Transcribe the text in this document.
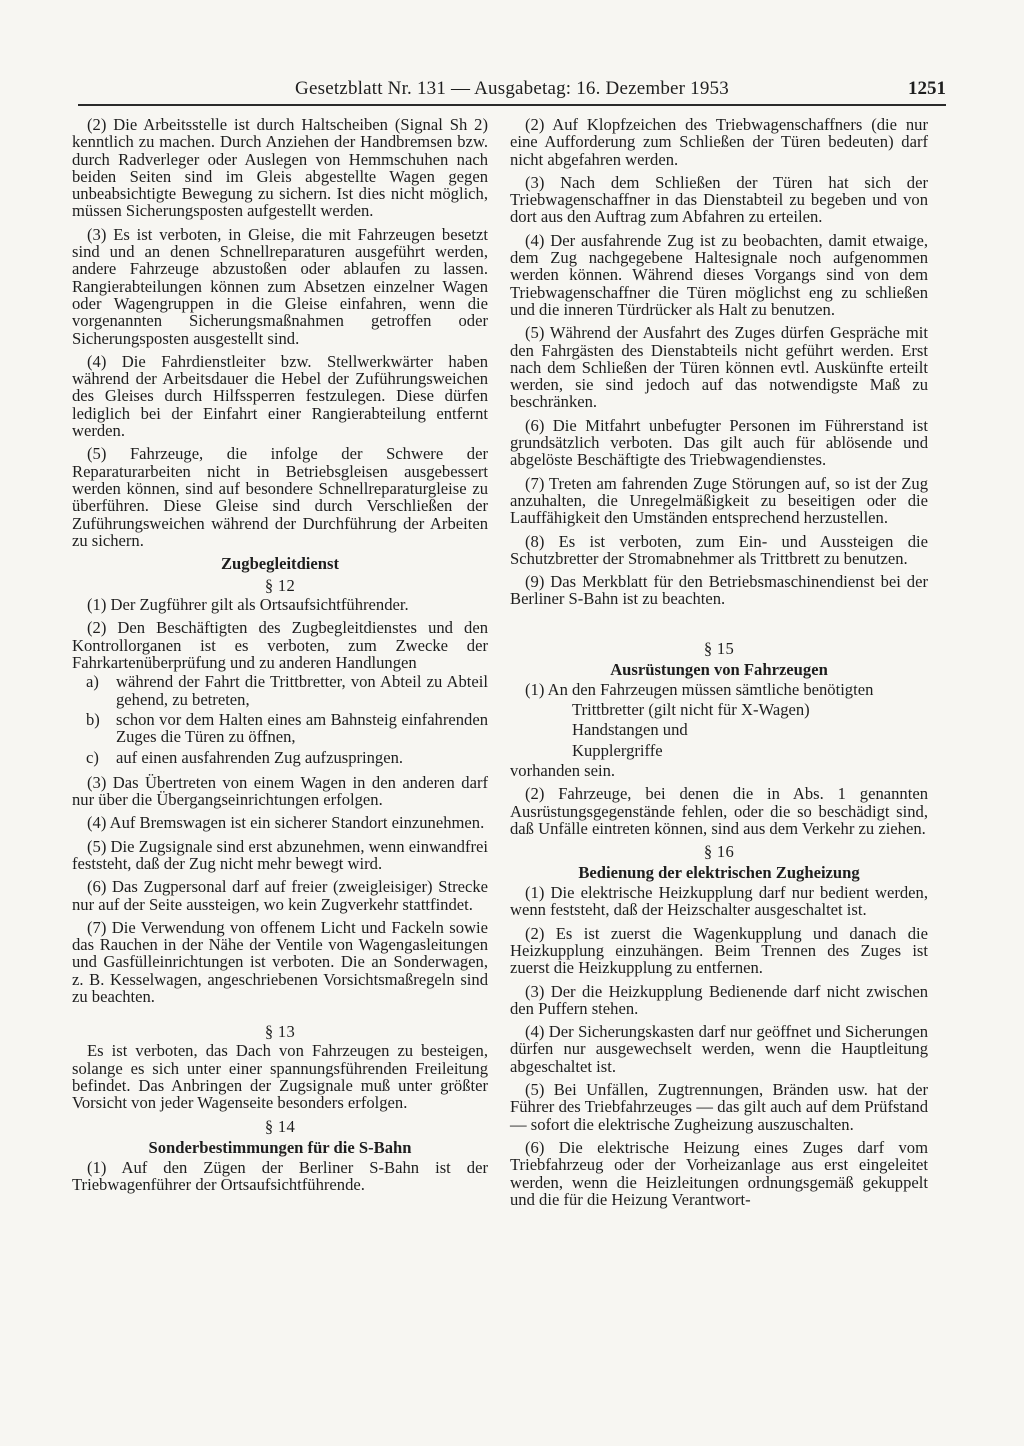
Gesetzblatt Nr. 131 — Ausgabetag: 16. Dezember 1953	1251

(2) Die Arbeitsstelle ist durch Haltscheiben (Signal Sh 2) kenntlich zu machen. Durch Anziehen der Handbremsen bzw. durch Radverleger oder Auslegen von Hemmschuhen nach beiden Seiten sind im Gleis abgestellte Wagen gegen unbeabsichtigte Bewegung zu sichern. Ist dies nicht möglich, müssen Sicherungsposten aufgestellt werden.

(3) Es ist verboten, in Gleise, die mit Fahrzeugen besetzt sind und an denen Schnellreparaturen ausgeführt werden, andere Fahrzeuge abzustoßen oder ablaufen zu lassen. Rangierabteilungen können zum Absetzen einzelner Wagen oder Wagengruppen in die Gleise einfahren, wenn die vorgenannten Sicherungsmaßnahmen getroffen oder Sicherungsposten ausgestellt sind.

(4) Die Fahrdienstleiter bzw. Stellwerkwärter haben während der Arbeitsdauer die Hebel der Zuführungsweichen des Gleises durch Hilfssperren festzulegen. Diese dürfen lediglich bei der Einfahrt einer Rangierabteilung entfernt werden.

(5) Fahrzeuge, die infolge der Schwere der Reparaturarbeiten nicht in Betriebsgleisen ausgebessert werden können, sind auf besondere Schnellreparaturgleise zu überführen. Diese Gleise sind durch Verschließen der Zuführungsweichen während der Durchführung der Arbeiten zu sichern.

Zugbegleitdienst
§ 12

(1) Der Zugführer gilt als Ortsaufsichtführender.

(2) Den Beschäftigten des Zugbegleitdienstes und den Kontrollorganen ist es verboten, zum Zwecke der Fahrkartenüberprüfung und zu anderen Handlungen

a) während der Fahrt die Trittbretter, von Abteil zu Abteil gehend, zu betreten,
b) schon vor dem Halten eines am Bahnsteig einfahrenden Zuges die Türen zu öffnen,
c) auf einen ausfahrenden Zug aufzuspringen.

(3) Das Übertreten von einem Wagen in den anderen darf nur über die Übergangseinrichtungen erfolgen.

(4) Auf Bremswagen ist ein sicherer Standort einzunehmen.

(5) Die Zugsignale sind erst abzunehmen, wenn einwandfrei feststeht, daß der Zug nicht mehr bewegt wird.

(6) Das Zugpersonal darf auf freier (zweigleisiger) Strecke nur auf der Seite aussteigen, wo kein Zugverkehr stattfindet.

(7) Die Verwendung von offenem Licht und Fackeln sowie das Rauchen in der Nähe der Ventile von Wagengasleitungen und Gasfülleinrichtungen ist verboten. Die an Sonderwagen, z. B. Kesselwagen, angeschriebenen Vorsichtsmaßregeln sind zu beachten.

§ 13

Es ist verboten, das Dach von Fahrzeugen zu besteigen, solange es sich unter einer spannungsführenden Freileitung befindet. Das Anbringen der Zugsignale muß unter größter Vorsicht von jeder Wagenseite besonders erfolgen.

§ 14
Sonderbestimmungen für die S-Bahn

(1) Auf den Zügen der Berliner S-Bahn ist der Triebwagenführer der Ortsaufsichtführende.

(2) Auf Klopfzeichen des Triebwagenschaffners (die nur eine Aufforderung zum Schließen der Türen bedeuten) darf nicht abgefahren werden.

(3) Nach dem Schließen der Türen hat sich der Triebwagenschaffner in das Dienstabteil zu begeben und von dort aus den Auftrag zum Abfahren zu erteilen.

(4) Der ausfahrende Zug ist zu beobachten, damit etwaige, dem Zug nachgegebene Haltesignale noch aufgenommen werden können. Während dieses Vorgangs sind von dem Triebwagenschaffner die Türen möglichst eng zu schließen und die inneren Türdrücker als Halt zu benutzen.

(5) Während der Ausfahrt des Zuges dürfen Gespräche mit den Fahrgästen des Dienstabteils nicht geführt werden. Erst nach dem Schließen der Türen können evtl. Auskünfte erteilt werden, sie sind jedoch auf das notwendigste Maß zu beschränken.

(6) Die Mitfahrt unbefugter Personen im Führerstand ist grundsätzlich verboten. Das gilt auch für ablösende und abgelöste Beschäftigte des Triebwagendienstes.

(7) Treten am fahrenden Zuge Störungen auf, so ist der Zug anzuhalten, die Unregelmäßigkeit zu beseitigen oder die Lauffähigkeit den Umständen entsprechend herzustellen.

(8) Es ist verboten, zum Ein- und Aussteigen die Schutzbretter der Stromabnehmer als Trittbrett zu benutzen.

(9) Das Merkblatt für den Betriebsmaschinendienst bei der Berliner S-Bahn ist zu beachten.

§ 15
Ausrüstungen von Fahrzeugen

(1) An den Fahrzeugen müssen sämtliche benötigten

Trittbretter (gilt nicht für X-Wagen)
Handstangen und
Kupplergriffe

vorhanden sein.

(2) Fahrzeuge, bei denen die in Abs. 1 genannten Ausrüstungsgegenstände fehlen, oder die so beschädigt sind, daß Unfälle eintreten können, sind aus dem Verkehr zu ziehen.

§ 16
Bedienung der elektrischen Zugheizung

(1) Die elektrische Heizkupplung darf nur bedient werden, wenn feststeht, daß der Heizschalter ausgeschaltet ist.

(2) Es ist zuerst die Wagenkupplung und danach die Heizkupplung einzuhängen. Beim Trennen des Zuges ist zuerst die Heizkupplung zu entfernen.

(3) Der die Heizkupplung Bedienende darf nicht zwischen den Puffern stehen.

(4) Der Sicherungskasten darf nur geöffnet und Sicherungen dürfen nur ausgewechselt werden, wenn die Hauptleitung abgeschaltet ist.

(5) Bei Unfällen, Zugtrennungen, Bränden usw. hat der Führer des Triebfahrzeuges — das gilt auch auf dem Prüfstand — sofort die elektrische Zugheizung auszuschalten.

(6) Die elektrische Heizung eines Zuges darf vom Triebfahrzeug oder der Vorheizanlage aus erst eingeleitet werden, wenn die Heizleitungen ordnungsgemäß gekuppelt und die für die Heizung Verantwort-
